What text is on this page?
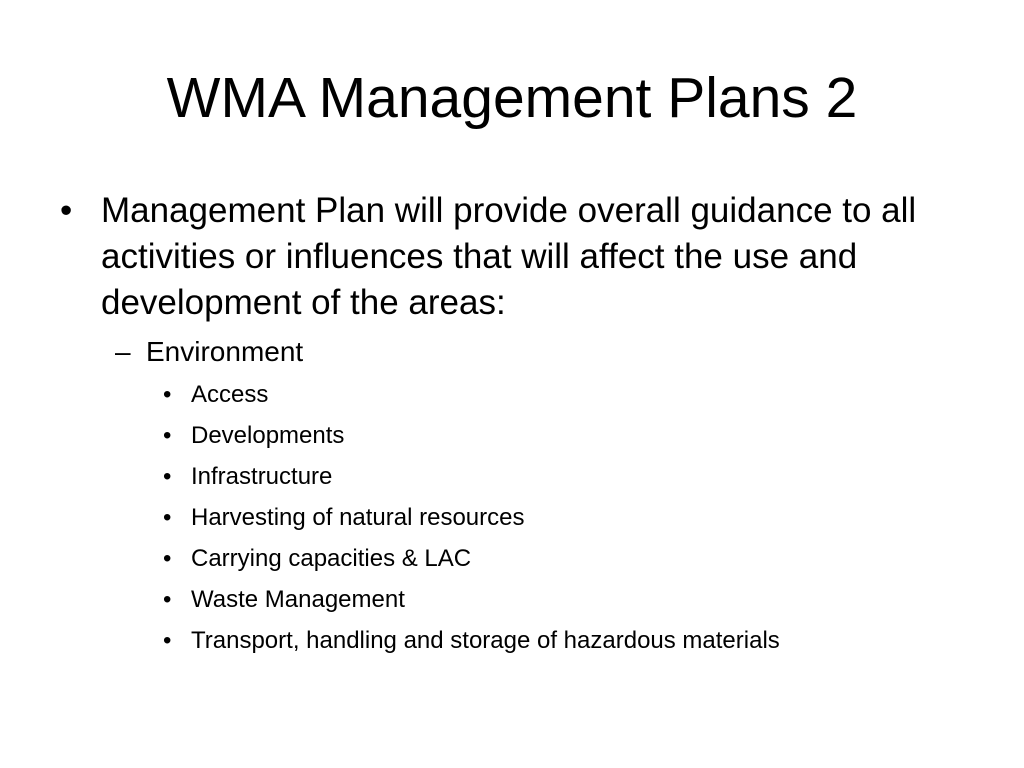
WMA Management Plans 2
• Management Plan will provide overall guidance to all activities or influences that will affect the use and development of the areas:
– Environment
• Access
• Developments
• Infrastructure
• Harvesting of natural resources
• Carrying capacities & LAC
• Waste Management
• Transport, handling and storage of hazardous materials
